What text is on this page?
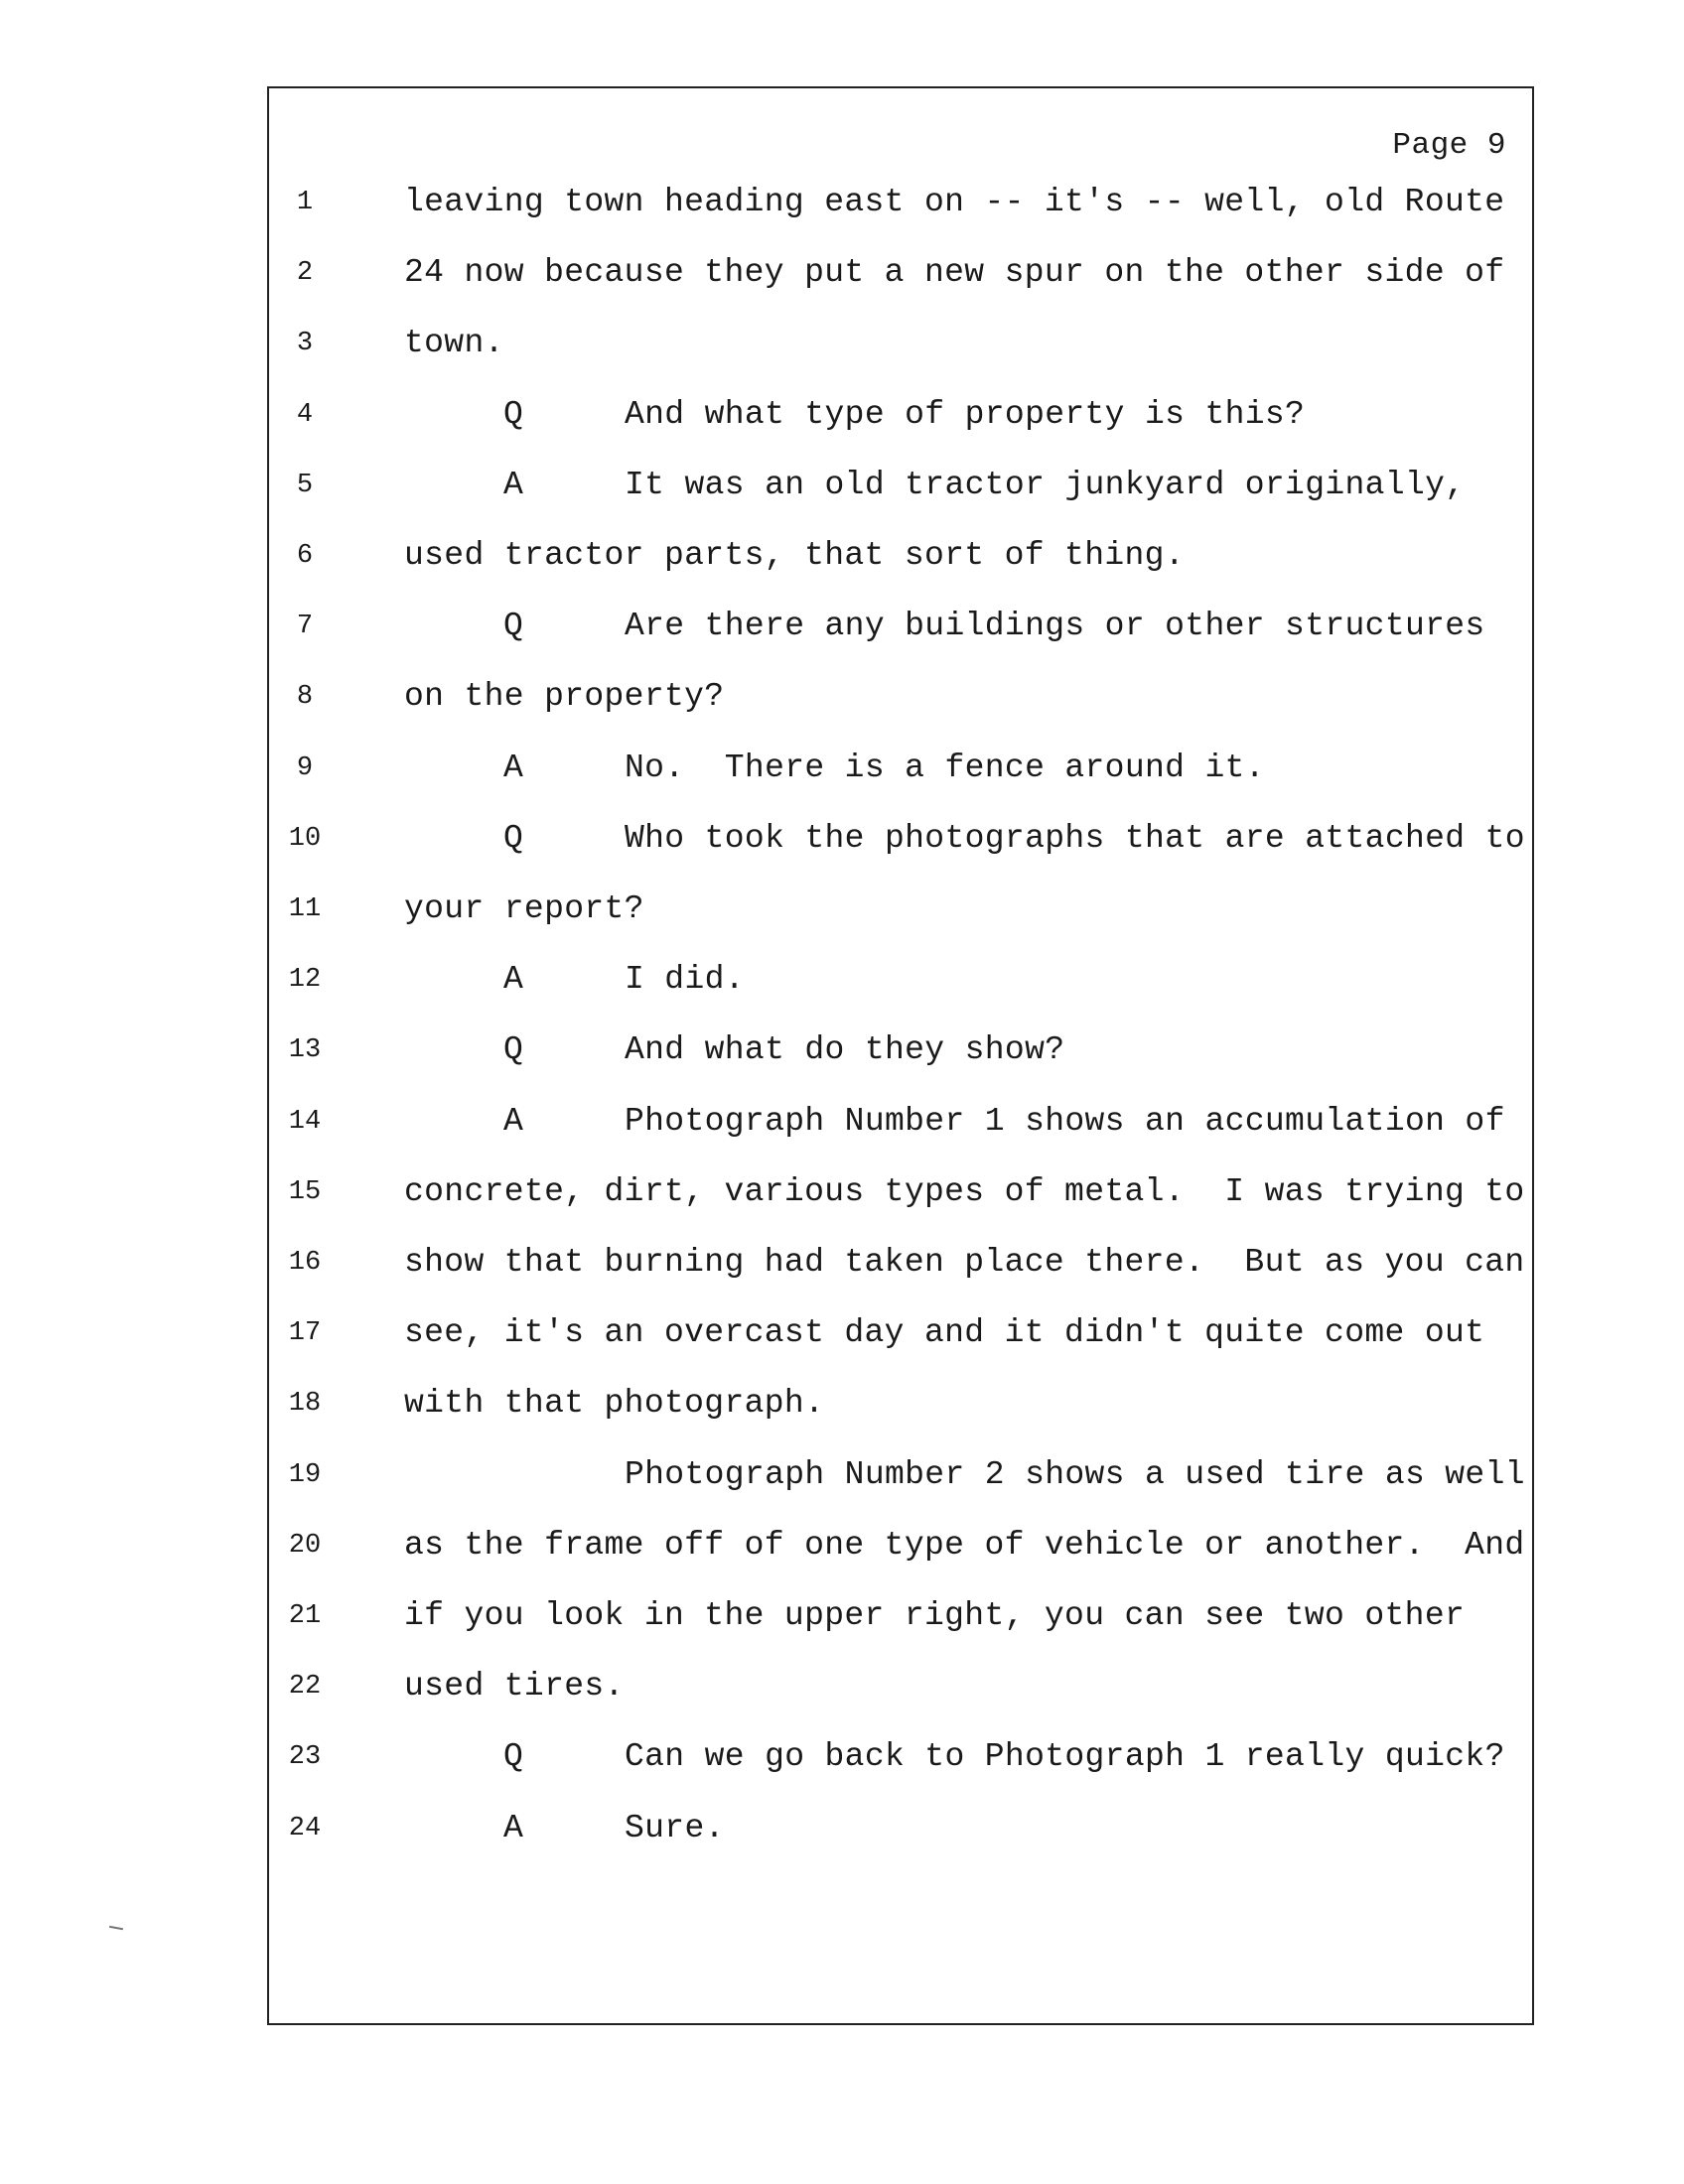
Page 9
1	leaving town heading east on -- it's -- well, old Route
2	24 now because they put a new spur on the other side of
3	town.
4	Q	And what type of property is this?
5	A	It was an old tractor junkyard originally,
6	used tractor parts, that sort of thing.
7	Q	Are there any buildings or other structures
8	on the property?
9	A	No.  There is a fence around it.
10	Q	Who took the photographs that are attached to
11	your report?
12	A	I did.
13	Q	And what do they show?
14	A	Photograph Number 1 shows an accumulation of
15	concrete, dirt, various types of metal.  I was trying to
16	show that burning had taken place there.  But as you can
17	see, it's an overcast day and it didn't quite come out
18	with that photograph.
19	Photograph Number 2 shows a used tire as well
20	as the frame off of one type of vehicle or another.  And
21	if you look in the upper right, you can see two other
22	used tires.
23	Q	Can we go back to Photograph 1 really quick?
24	A	Sure.
